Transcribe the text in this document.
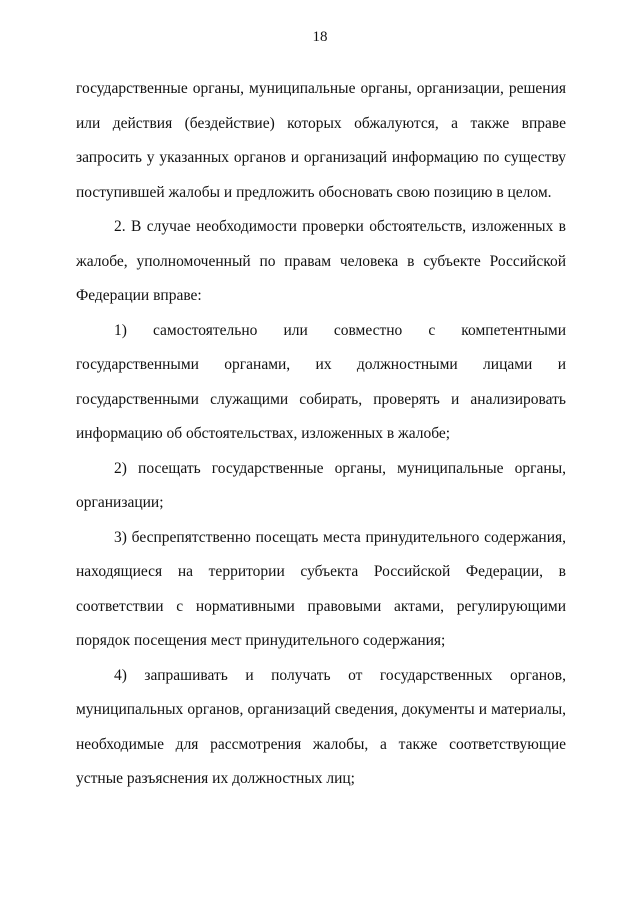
18

государственные органы, муниципальные органы, организации, решения или действия (бездействие) которых обжалуются, а также вправе запросить у указанных органов и организаций информацию по существу поступившей жалобы и предложить обосновать свою позицию в целом.

2. В случае необходимости проверки обстоятельств, изложенных в жалобе, уполномоченный по правам человека в субъекте Российской Федерации вправе:

1) самостоятельно или совместно с компетентными государственными органами, их должностными лицами и государственными служащими собирать, проверять и анализировать информацию об обстоятельствах, изложенных в жалобе;

2) посещать государственные органы, муниципальные органы, организации;

3) беспрепятственно посещать места принудительного содержания, находящиеся на территории субъекта Российской Федерации, в соответствии с нормативными правовыми актами, регулирующими порядок посещения мест принудительного содержания;

4) запрашивать и получать от государственных органов, муниципальных органов, организаций сведения, документы и материалы, необходимые для рассмотрения жалобы, а также соответствующие устные разъяснения их должностных лиц;
